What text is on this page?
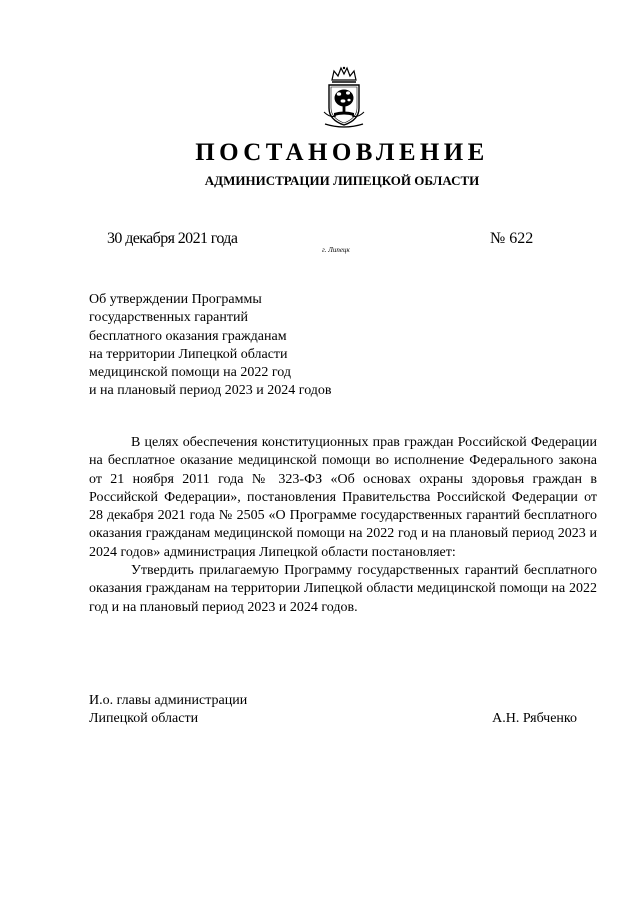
ПОСТАНОВЛЕНИЕ
АДМИНИСТРАЦИИ ЛИПЕЦКОЙ ОБЛАСТИ
30 декабря 2021 года
г. Липецк
№ 622
Об утверждении Программы
государственных гарантий
бесплатного оказания гражданам
на территории Липецкой области
медицинской помощи на 2022 год
и на плановый период 2023 и 2024 годов

В целях обеспечения конституционных прав граждан Российской Федерации на бесплатное оказание медицинской помощи во исполнение Федерального закона от 21 ноября 2011 года № 323-ФЗ «Об основах охраны здоровья граждан в Российской Федерации», постановления Правительства Российской Федерации от 28 декабря 2021 года № 2505 «О Программе государственных гарантий бесплатного оказания гражданам медицинской помощи на 2022 год и на плановый период 2023 и 2024 годов» администрация Липецкой области постановляет:

Утвердить прилагаемую Программу государственных гарантий бесплатного оказания гражданам на территории Липецкой области медицинской помощи на 2022 год и на плановый период 2023 и 2024 годов.

И.о. главы администрации
Липецкой области	А.Н. Рябченко
